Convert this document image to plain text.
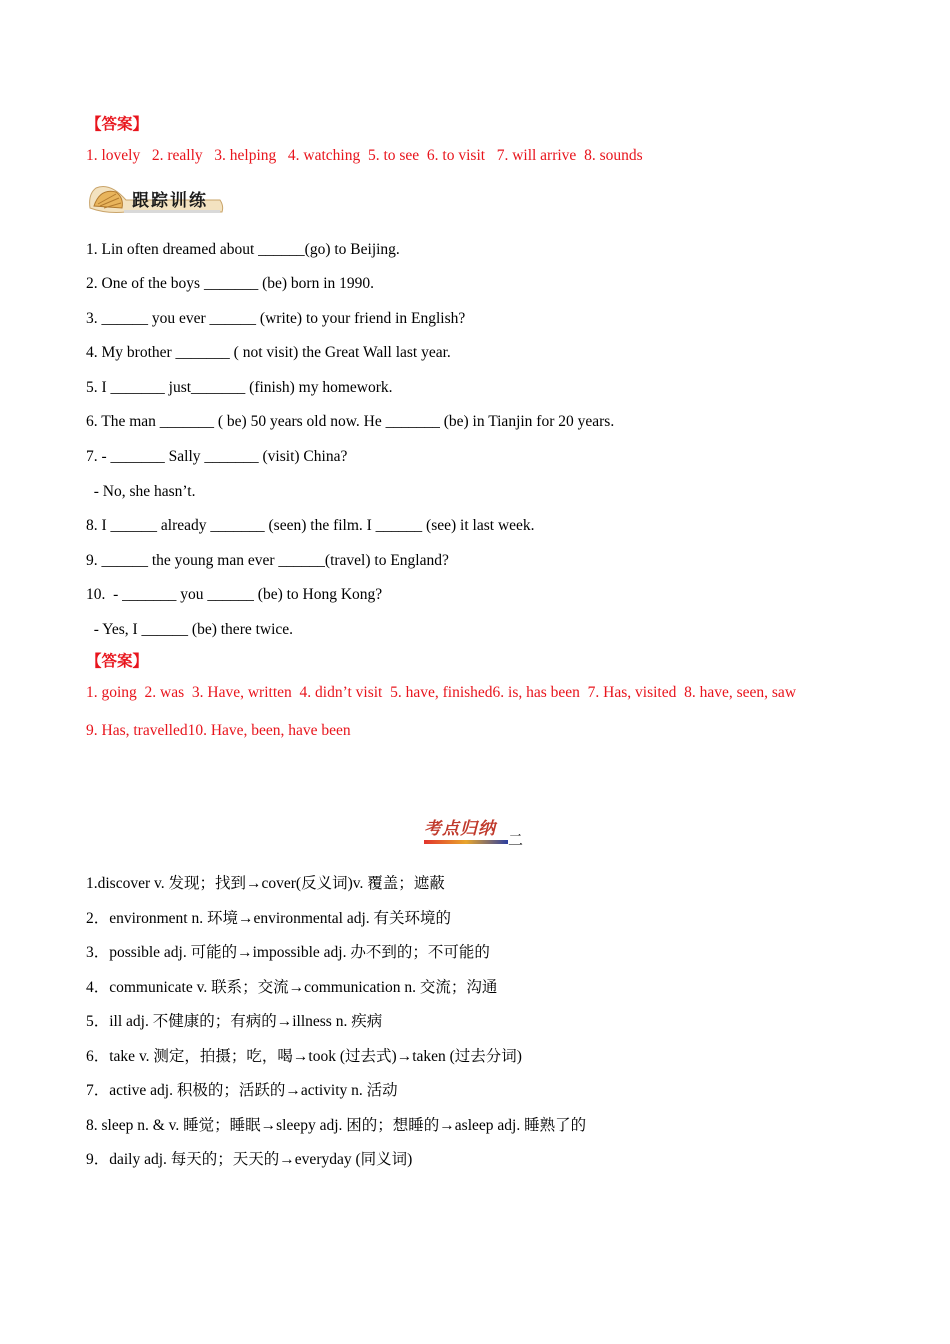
【答案】
1. lovely   2. really   3. helping   4. watching  5. to see  6. to visit   7. will arrive  8. sounds
跟踪训练
1. Lin often dreamed about ______(go) to Beijing.
2. One of the boys _______ (be) born in 1990.
3. ______ you ever ______ (write) to your friend in English?
4. My brother _______ ( not visit) the Great Wall last year.
5. I _______ just_______ (finish) my homework.
6. The man _______ ( be) 50 years old now. He _______ (be) in Tianjin for 20 years.
7. - _______ Sally _______ (visit) China?
- No, she hasn’t.
8. I ______ already _______ (seen) the film. I ______ (see) it last week.
9. ______ the young man ever ______(travel) to England?
10.  - _______ you ______ (be) to Hong Kong?
- Yes, I ______ (be) there twice.
【答案】
1. going  2. was  3. Have, written  4. didn’t visit  5. have, finished6. is, has been  7. Has, visited  8. have, seen, saw
9. Has, travelled10. Have, been, have been
考点归纳
二
1.discover v. 发现；找到→cover(反义词)v. 覆盖；遮蔽
2．environment n. 环境→environmental adj. 有关环境的
3．possible adj. 可能的→impossible adj. 办不到的；不可能的
4．communicate v. 联系；交流→communication n. 交流；沟通
5．ill adj. 不健康的；有病的→illness n. 疾病
6．take v. 测定，拍摄；吃，喝→took (过去式)→taken (过去分词)
7．active adj. 积极的；活跃的→activity n. 活动
8. sleep n. & v. 睡觉；睡眠→sleepy adj. 困的；想睡的→asleep adj. 睡熟了的
9．daily adj. 每天的；天天的→everyday (同义词)
